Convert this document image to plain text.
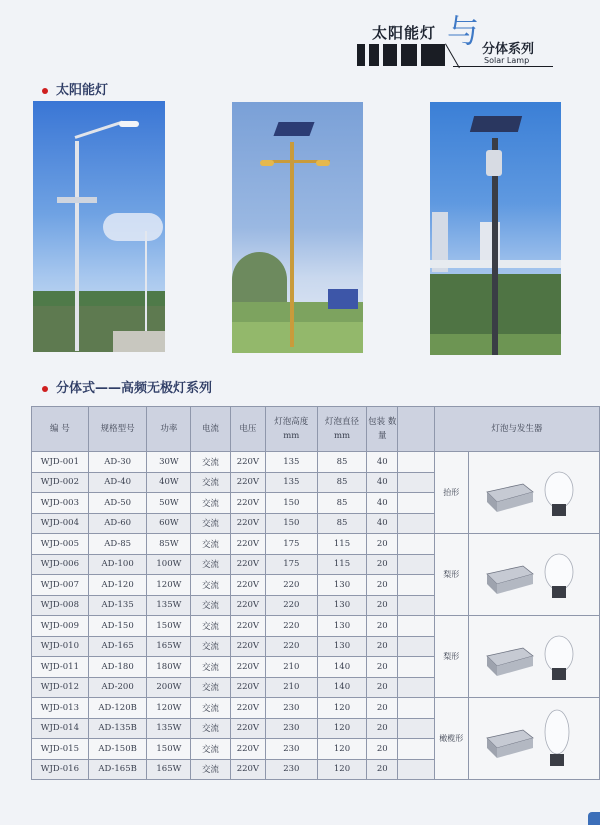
太阳能灯 与 分体系列
Solar Lamp
太阳能灯
分体式——高频无极灯系列
编 号	规格型号	功率	电流	电压	灯泡高度 mm	灯泡直径 mm	包装 数量		灯泡与发生器	
WJD-001	AD-30	30W	交流	220V	135	85	40		抬形	
WJD-002	AD-40	40W	交流	220V	135	85	40			
WJD-003	AD-50	50W	交流	220V	150	85	40			
WJD-004	AD-60	60W	交流	220V	150	85	40			
WJD-005	AD-85	85W	交流	220V	175	115	20		梨形	
WJD-006	AD-100	100W	交流	220V	175	115	20			
WJD-007	AD-120	120W	交流	220V	220	130	20			
WJD-008	AD-135	135W	交流	220V	220	130	20			
WJD-009	AD-150	150W	交流	220V	220	130	20		梨形	
WJD-010	AD-165	165W	交流	220V	220	130	20			
WJD-011	AD-180	180W	交流	220V	210	140	20			
WJD-012	AD-200	200W	交流	220V	210	140	20			
WJD-013	AD-120B	120W	交流	220V	230	120	20		橄榄形	
WJD-014	AD-135B	135W	交流	220V	230	120	20			
WJD-015	AD-150B	150W	交流	220V	230	120	20			
WJD-016	AD-165B	165W	交流	220V	230	120	20			
